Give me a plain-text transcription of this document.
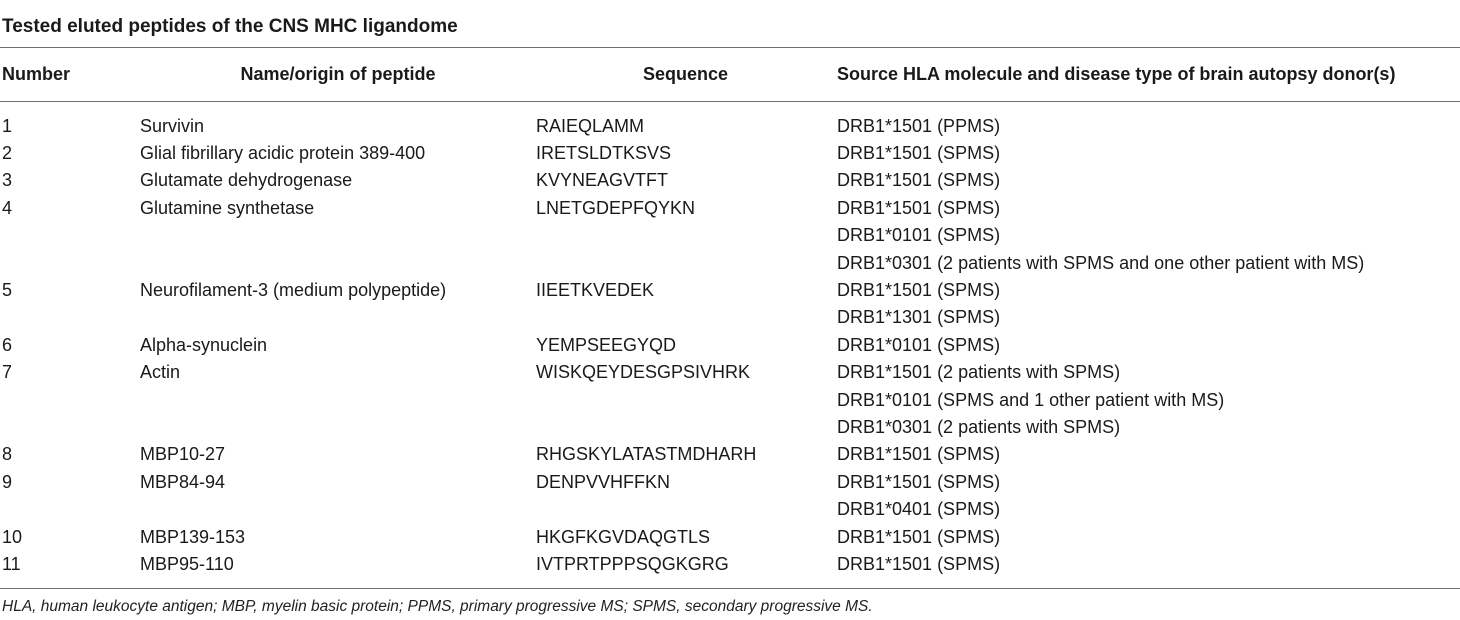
Tested eluted peptides of the CNS MHC ligandome
Number	Name/origin of peptide	Sequence	Source HLA molecule and disease type of brain autopsy donor(s)
1	Survivin	RAIEQLAMM	DRB1*1501 (PPMS)
2	Glial fibrillary acidic protein 389-400	IRETSLDTKSVS	DRB1*1501 (SPMS)
3	Glutamate dehydrogenase	KVYNEAGVTFT	DRB1*1501 (SPMS)
4	Glutamine synthetase	LNETGDEPFQYKN	DRB1*1501 (SPMS)
			DRB1*0101 (SPMS)
			DRB1*0301 (2 patients with SPMS and one other patient with MS)
5	Neurofilament-3 (medium polypeptide)	IIEETKVEDEK	DRB1*1501 (SPMS)
			DRB1*1301 (SPMS)
6	Alpha-synuclein	YEMPSEEGYQD	DRB1*0101 (SPMS)
7	Actin	WISKQEYDESGPSIVHRK	DRB1*1501 (2 patients with SPMS)
			DRB1*0101 (SPMS and 1 other patient with MS)
			DRB1*0301 (2 patients with SPMS)
8	MBP10-27	RHGSKYLATASTMDHARH	DRB1*1501 (SPMS)
9	MBP84-94	DENPVVHFFKN	DRB1*1501 (SPMS)
			DRB1*0401 (SPMS)
10	MBP139-153	HKGFKGVDAQGTLS	DRB1*1501 (SPMS)
11	MBP95-110	IVTPRTPPPSQGKGRG	DRB1*1501 (SPMS)
HLA, human leukocyte antigen; MBP, myelin basic protein; PPMS, primary progressive MS; SPMS, secondary progressive MS.
